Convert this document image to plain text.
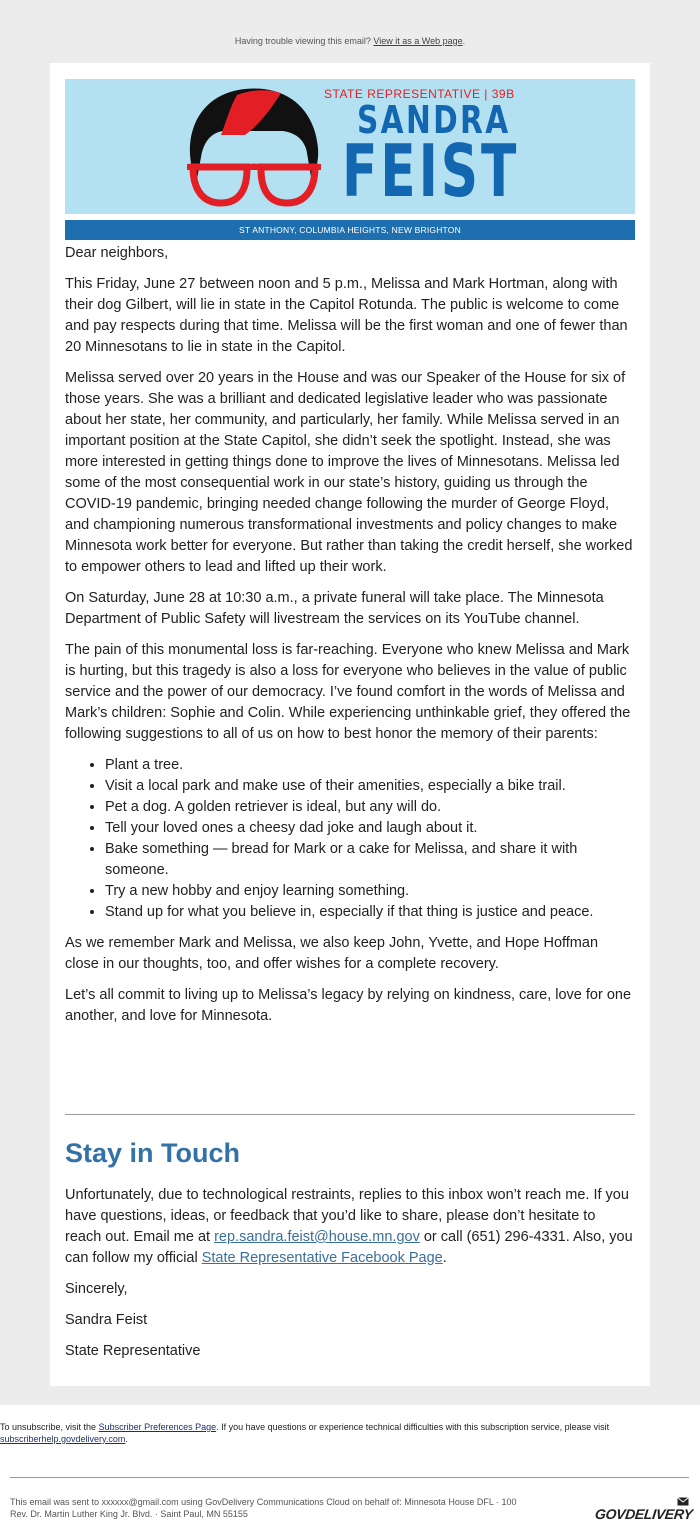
Having trouble viewing this email? View it as a Web page.
STATE REPRESENTATIVE | 39B
SANDRA
FEIST
ST ANTHONY, COLUMBIA HEIGHTS, NEW BRIGHTON

Dear neighbors,

This Friday, June 27 between noon and 5 p.m., Melissa and Mark Hortman, along with their dog Gilbert, will lie in state in the Capitol Rotunda. The public is welcome to come and pay respects during that time. Melissa will be the first woman and one of fewer than 20 Minnesotans to lie in state in the Capitol.

Melissa served over 20 years in the House and was our Speaker of the House for six of those years. She was a brilliant and dedicated legislative leader who was passionate about her state, her community, and particularly, her family. While Melissa served in an important position at the State Capitol, she didn’t seek the spotlight. Instead, she was more interested in getting things done to improve the lives of Minnesotans. Melissa led some of the most consequential work in our state’s history, guiding us through the COVID-19 pandemic, bringing needed change following the murder of George Floyd, and championing numerous transformational investments and policy changes to make Minnesota work better for everyone. But rather than taking the credit herself, she worked to empower others to lead and lifted up their work.

On Saturday, June 28 at 10:30 a.m., a private funeral will take place. The Minnesota Department of Public Safety will livestream the services on its YouTube channel.

The pain of this monumental loss is far-reaching. Everyone who knew Melissa and Mark is hurting, but this tragedy is also a loss for everyone who believes in the value of public service and the power of our democracy. I’ve found comfort in the words of Melissa and Mark’s children: Sophie and Colin. While experiencing unthinkable grief, they offered the following suggestions to all of us on how to best honor the memory of their parents:

• Plant a tree.
• Visit a local park and make use of their amenities, especially a bike trail.
• Pet a dog. A golden retriever is ideal, but any will do.
• Tell your loved ones a cheesy dad joke and laugh about it.
• Bake something — bread for Mark or a cake for Melissa, and share it with someone.
• Try a new hobby and enjoy learning something.
• Stand up for what you believe in, especially if that thing is justice and peace.

As we remember Mark and Melissa, we also keep John, Yvette, and Hope Hoffman close in our thoughts, too, and offer wishes for a complete recovery.

Let’s all commit to living up to Melissa’s legacy by relying on kindness, care, love for one another, and love for Minnesota.

Stay in Touch

Unfortunately, due to technological restraints, replies to this inbox won’t reach me. If you have questions, ideas, or feedback that you’d like to share, please don’t hesitate to reach out. Email me at rep.sandra.feist@house.mn.gov or call (651) 296-4331. Also, you can follow my official State Representative Facebook Page.

Sincerely,

Sandra Feist

State Representative

To unsubscribe, visit the Subscriber Preferences Page. If you have questions or experience technical difficulties with this subscription service, please visit subscriberhelp.govdelivery.com.
This email was sent to xxxxxx@gmail.com using GovDelivery Communications Cloud on behalf of: Minnesota House DFL · 100
Rev. Dr. Martin Luther King Jr. Blvd. · Saint Paul, MN 55155	GOVDELIVERY
